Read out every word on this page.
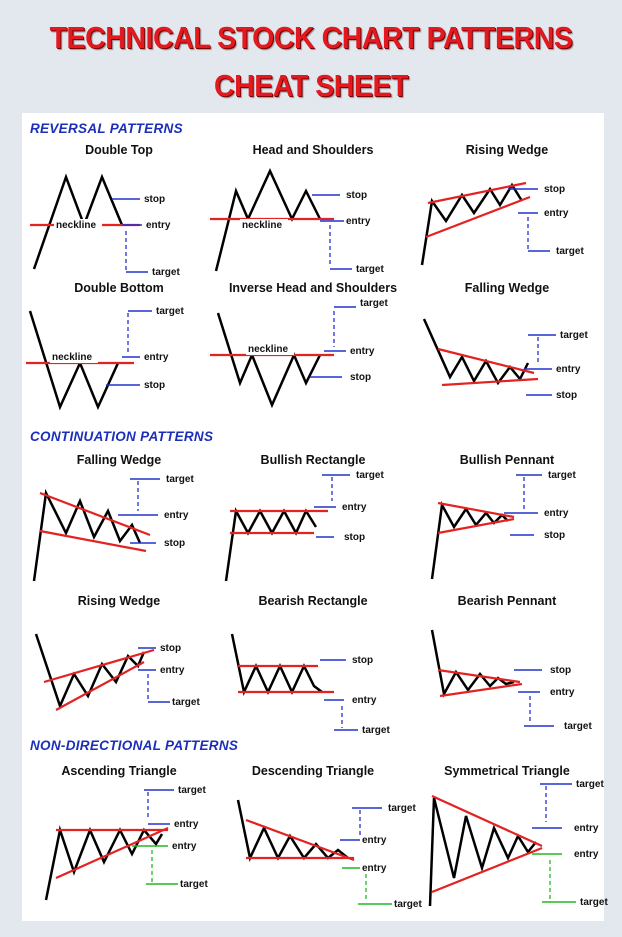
TECHNICAL STOCK CHART PATTERNS
CHEAT SHEET
REVERSAL PATTERNS
CONTINUATION PATTERNS
NON-DIRECTIONAL PATTERNS
Double Top
neckline
stop
entry
target
Head and Shoulders
neckline
stop
entry
target
Rising Wedge
stop
entry
target
Double Bottom
neckline	entry
stop
target
Inverse Head and Shoulders
neckline	entry
stop
target
Falling Wedge
entry
stop
target
Falling Wedge
entry
stop
target
Bullish Rectangle
entry
stop
target
Bullish Pennant
entry
stop
target
Rising Wedge
stop
entry
target
Bearish Rectangle
stop
entry
target
Bearish Pennant
stop
entry
target
Ascending Triangle
entry
target
entry
target
Descending Triangle
entry
target
entry
target
Symmetrical Triangle
entry
target
entry
target
